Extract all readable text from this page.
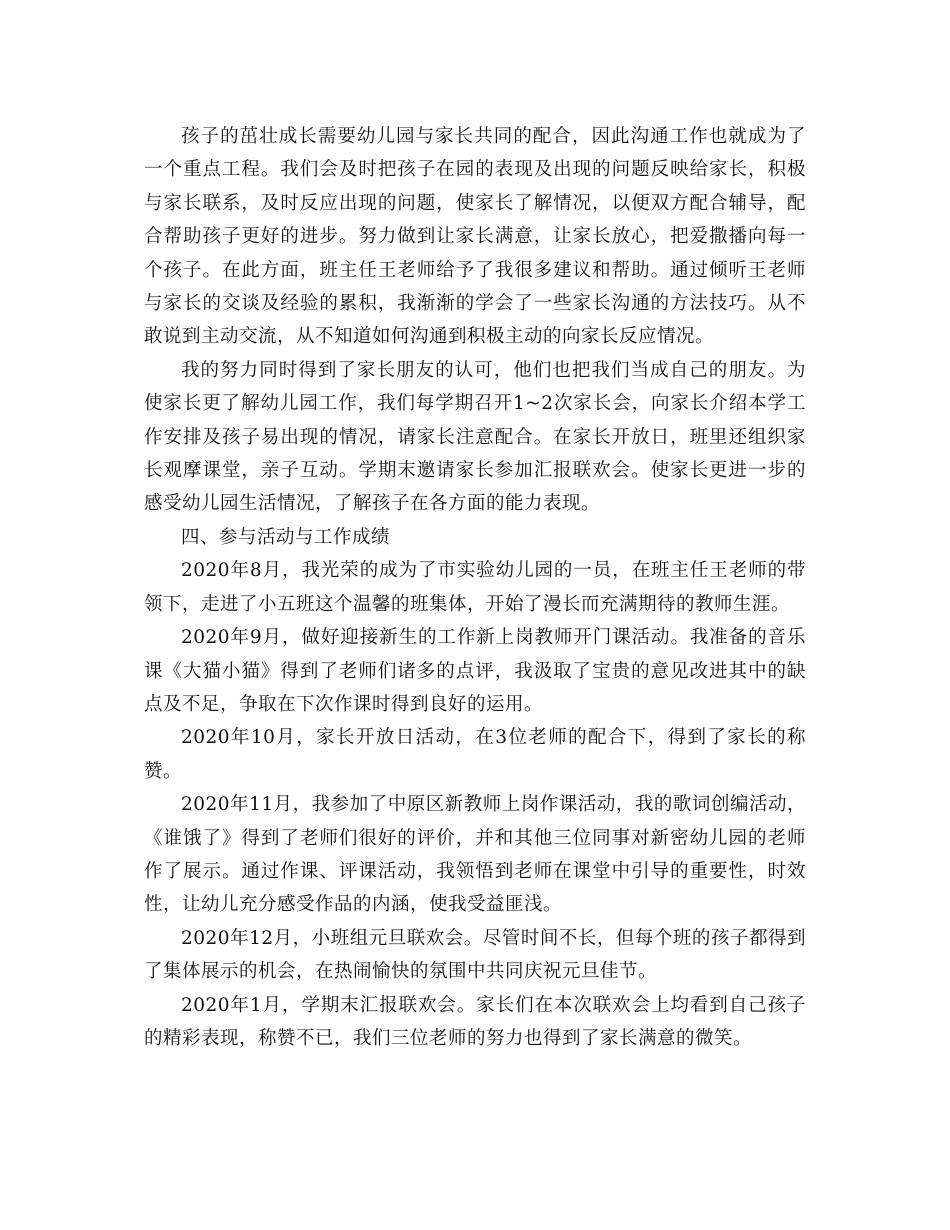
孩子的茁壮成长需要幼儿园与家长共同的配合，因此沟通工作也就成为了一个重点工程。我们会及时把孩子在园的表现及出现的问题反映给家长，积极与家长联系，及时反应出现的问题，使家长了解情况，以便双方配合辅导，配合帮助孩子更好的进步。努力做到让家长满意，让家长放心，把爱撒播向每一个孩子。在此方面，班主任王老师给予了我很多建议和帮助。通过倾听王老师与家长的交谈及经验的累积，我渐渐的学会了一些家长沟通的方法技巧。从不敢说到主动交流，从不知道如何沟通到积极主动的向家长反应情况。

我的努力同时得到了家长朋友的认可，他们也把我们当成自己的朋友。为使家长更了解幼儿园工作，我们每学期召开1~2次家长会，向家长介绍本学工作安排及孩子易出现的情况，请家长注意配合。在家长开放日，班里还组织家长观摩课堂，亲子互动。学期末邀请家长参加汇报联欢会。使家长更进一步的感受幼儿园生活情况，了解孩子在各方面的能力表现。

四、参与活动与工作成绩

2020年8月，我光荣的成为了市实验幼儿园的一员，在班主任王老师的带领下，走进了小五班这个温馨的班集体，开始了漫长而充满期待的教师生涯。

2020年9月，做好迎接新生的工作新上岗教师开门课活动。我准备的音乐课《大猫小猫》得到了老师们诸多的点评，我汲取了宝贵的意见改进其中的缺点及不足，争取在下次作课时得到良好的运用。

2020年10月，家长开放日活动，在3位老师的配合下，得到了家长的称赞。

2020年11月，我参加了中原区新教师上岗作课活动，我的歌词创编活动，《谁饿了》得到了老师们很好的评价，并和其他三位同事对新密幼儿园的老师作了展示。通过作课、评课活动，我领悟到老师在课堂中引导的重要性，时效性，让幼儿充分感受作品的内涵，使我受益匪浅。

2020年12月，小班组元旦联欢会。尽管时间不长，但每个班的孩子都得到了集体展示的机会，在热闹愉快的氛围中共同庆祝元旦佳节。

2020年1月，学期末汇报联欢会。家长们在本次联欢会上均看到自己孩子的精彩表现，称赞不已，我们三位老师的努力也得到了家长满意的微笑。
